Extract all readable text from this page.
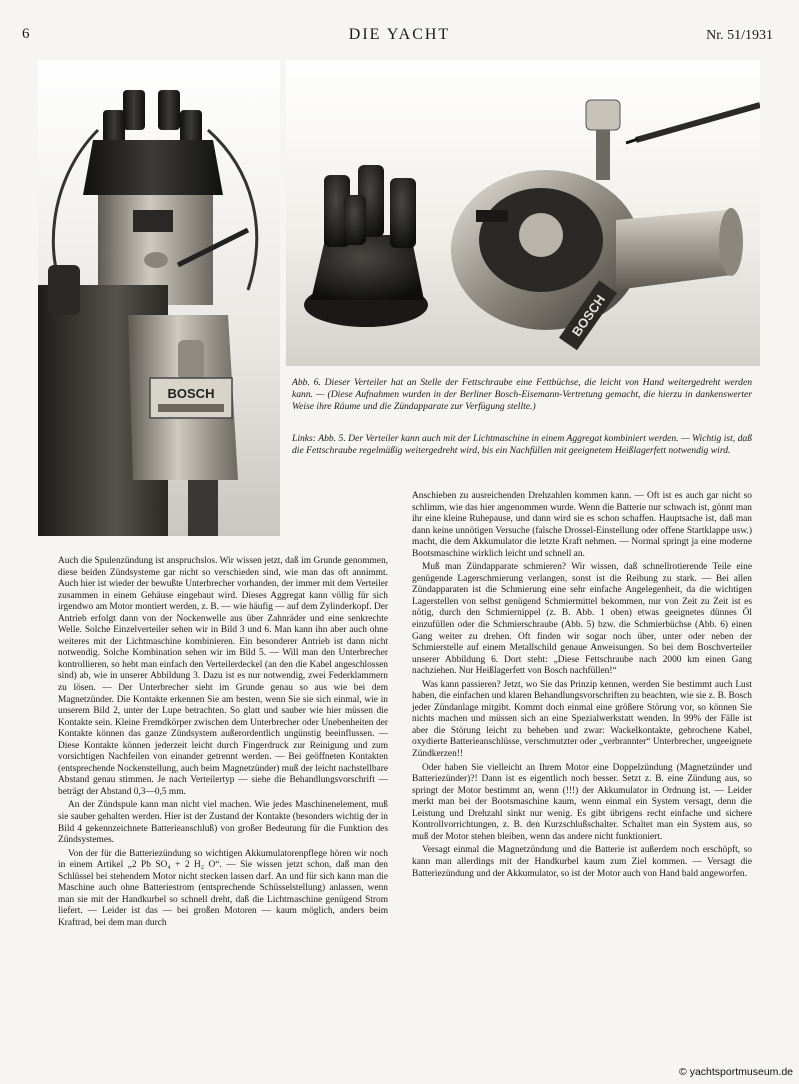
6	DIE YACHT	Nr. 51/1931
BOSCH
BOSCH
Abb. 6. Dieser Verteiler hat an Stelle der Fettschraube eine Fettbüchse, die leicht von Hand weitergedreht werden kann. — (Diese Aufnahmen wurden in der Berliner Bosch-Eisemann-Vertretung gemacht, die hierzu in dankenswerter Weise ihre Räume und die Zündapparate zur Verfügung stellte.)
Links: Abb. 5. Der Verteiler kann auch mit der Lichtmaschine in einem Aggregat kombiniert werden. — Wichtig ist, daß die Fettschraube regelmäßig weitergedreht wird, bis ein Nachfüllen mit geeignetem Heißlagerfett notwendig wird.

Auch die Spulenzündung ist anspruchslos. Wir wissen jetzt, daß im Grunde genommen, diese beiden Zündsysteme gar nicht so verschieden sind, wie man das oft annimmt. Auch hier ist wieder der bewußte Unterbrecher vorhanden, der immer mit dem Verteiler zusammen in einem Gehäuse eingebaut wird. Dieses Aggregat kann völlig für sich irgendwo am Motor montiert werden, z. B. — wie häufig — auf dem Zylinderkopf. Der Antrieb erfolgt dann von der Nockenwelle aus über Zahnräder und eine senkrechte Welle. Solche Einzelverteiler sehen wir in Bild 3 und 6. Man kann ihn aber auch ohne weiteres mit der Lichtmaschine kombinieren. Ein besonderer Antrieb ist dann nicht notwendig. Solche Kombination sehen wir im Bild 5. — Will man den Unterbrecher kontrollieren, so hebt man einfach den Verteilerdeckel (an den die Kabel angeschlossen sind) ab, wie in unserer Abbildung 3. Dazu ist es nur notwendig, zwei Federklammern zu lösen. — Der Unterbrecher sieht im Grunde genau so aus wie bei dem Magnetzünder. Die Kontakte erkennen Sie am besten, wenn Sie sie sich einmal, wie in unserem Bild 2, unter der Lupe betrachten. So glatt und sauber wie hier müssen die Kontakte sein. Kleine Fremdkörper zwischen dem Unterbrecher oder Unebenheiten der Kontakte können das ganze Zündsystem außerordentlich ungünstig beeinflussen. — Diese Kontakte können jederzeit leicht durch Fingerdruck zur Reinigung und zum vorsichtigen Nachfeilen von einander getrennt werden. — Bei geöffneten Kontakten (entsprechende Nockenstellung, auch beim Magnetzünder) muß der leicht nachstellbare Abstand genau stimmen. Je nach Verteilertyp — siehe die Behandlungsvorschrift — beträgt der Abstand 0,3—0,5 mm.

An der Zündspule kann man nicht viel machen. Wie jedes Maschinenelement, muß sie sauber gehalten werden. Hier ist der Zustand der Kontakte (besonders wichtig der in Bild 4 gekennzeichnete Batterieanschluß) von großer Bedeutung für die Funktion des Zündsystemes.

Von der für die Batteriezündung so wichtigen Akkumulatorenpflege hören wir noch in einem Artikel „2 Pb SO₄ + 2 H₂ O“. — Sie wissen jetzt schon, daß man den Schlüssel bei stehendem Motor nicht stecken lassen darf. An und für sich kann man die Maschine auch ohne Batteriestrom (entsprechende Schüsselstellung) anlassen, wenn man sie mit der Handkurbel so schnell dreht, daß die Lichtmaschine genügend Strom liefert. — Leider ist das — bei großen Motoren — kaum möglich, anders beim Kraftrad, bei dem man durch

Anschieben zu ausreichenden Drehzahlen kommen kann. — Oft ist es auch gar nicht so schlimm, wie das hier angenommen wurde. Wenn die Batterie nur schwach ist, gönnt man ihr eine kleine Ruhepause, und dann wird sie es schon schaffen. Hauptsache ist, daß man dann keine unnötigen Versuche (falsche Drossel-Einstellung oder offene Startklappe usw.) macht, die dem Akkumulator die letzte Kraft nehmen. — Normal springt ja eine moderne Bootsmaschine wirklich leicht und schnell an.

Muß man Zündapparate schmieren? Wir wissen, daß schnellrotierende Teile eine genügende Lagerschmierung verlangen, sonst ist die Reibung zu stark. — Bei allen Zündapparaten ist die Schmierung eine sehr einfache Angelegenheit, da die wichtigen Lagerstellen von selbst genügend Schmiermittel bekommen, nur von Zeit zu Zeit ist es nötig, durch den Schmiernippel (z. B. Abb. 1 oben) etwas geeignetes dünnes Öl einzufüllen oder die Schmierschraube (Abb. 5) bzw. die Schmierbüchse (Abb. 6) einen Gang weiter zu drehen. Oft finden wir sogar noch über, unter oder neben der Schmierstelle auf einem Metallschild genaue Anweisungen. So bei dem Boschverteiler unserer Abbildung 6. Dort steht: „Diese Fettschraube nach 2000 km einen Gang nachziehen. Nur Heißlagerfett von Bosch nachfüllen!“

Was kann passieren? Jetzt, wo Sie das Prinzip kennen, werden Sie bestimmt auch Lust haben, die einfachen und klaren Behandlungsvorschriften zu beachten, wie sie z. B. Bosch jeder Zündanlage mitgibt. Kommt doch einmal eine größere Störung vor, so können Sie nichts machen und müssen sich an eine Spezialwerkstatt wenden. In 99% der Fälle ist aber die Störung leicht zu beheben und zwar: Wackelkontakte, gebrochene Kabel, oxydierte Batterieanschlüsse, verschmutzter oder „verbrannter“ Unterbrecher, ungeeignete Zündkerzen!!

Oder haben Sie vielleicht an Ihrem Motor eine Doppelzündung (Magnetzünder und Batteriezünder)?! Dann ist es eigentlich noch besser. Setzt z. B. eine Zündung aus, so springt der Motor bestimmt an, wenn (!!!) der Akkumulator in Ordnung ist. — Leider merkt man bei der Bootsmaschine kaum, wenn einmal ein System versagt, denn die Leistung und Drehzahl sinkt nur wenig. Es gibt übrigens recht einfache und sichere Kontrollvorrichtungen, z. B. den Kurzschlußschalter. Schaltet man ein System aus, so muß der Motor stehen bleiben, wenn das andere nicht funktioniert.

Versagt einmal die Magnetzündung und die Batterie ist außerdem noch erschöpft, so kann man allerdings mit der Handkurbel kaum zum Ziel kommen. — Versagt die Batteriezündung und der Akkumulator, so ist der Motor auch von Hand bald angeworfen.

© yachtsportmuseum.de
